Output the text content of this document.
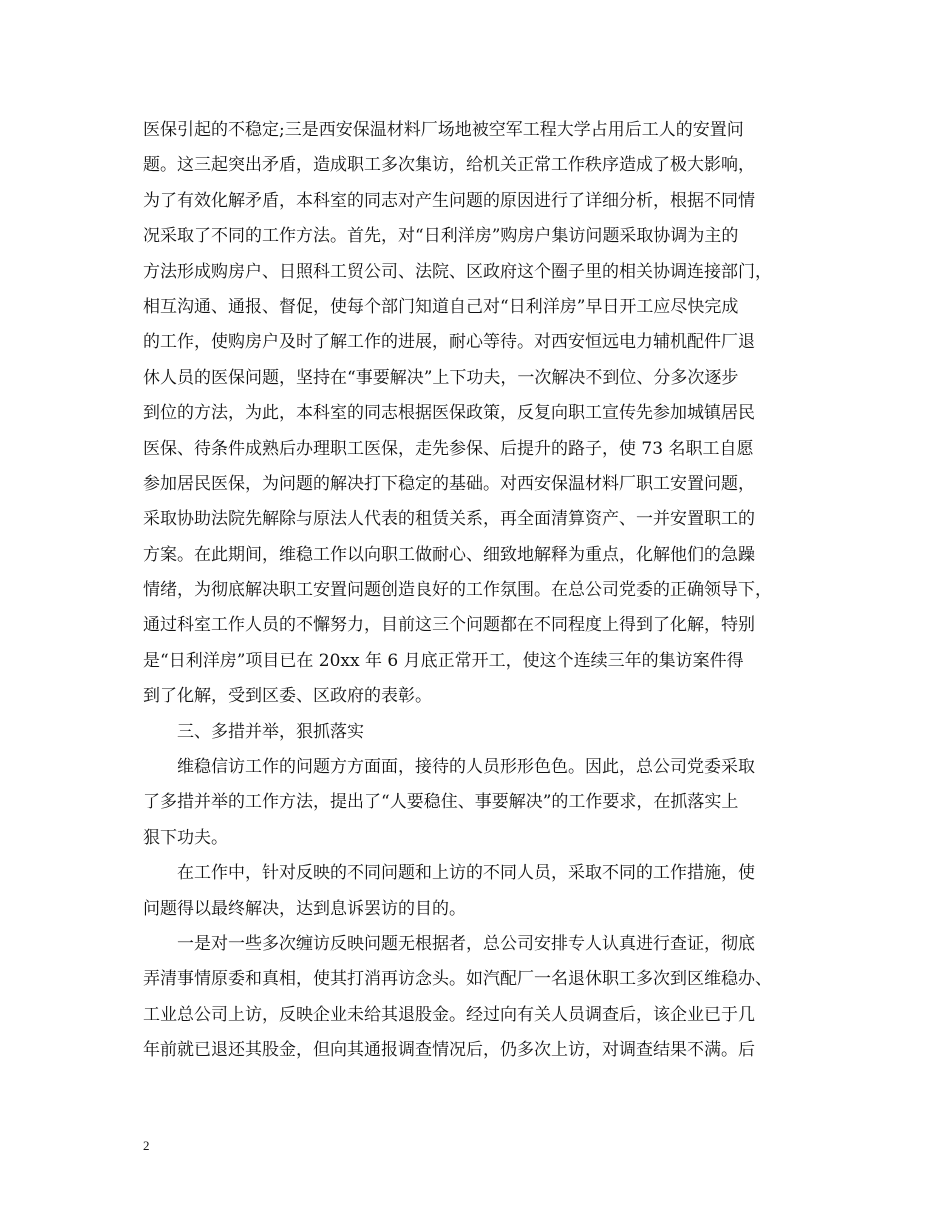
医保引起的不稳定;三是西安保温材料厂场地被空军工程大学占用后工人的安置问
题。这三起突出矛盾，造成职工多次集访，给机关正常工作秩序造成了极大影响，
为了有效化解矛盾，本科室的同志对产生问题的原因进行了详细分析，根据不同情
况采取了不同的工作方法。首先，对“日利洋房”购房户集访问题采取协调为主的
方法形成购房户、日照科工贸公司、法院、区政府这个圈子里的相关协调连接部门，
相互沟通、通报、督促，使每个部门知道自己对“日利洋房”早日开工应尽快完成
的工作，使购房户及时了解工作的进展，耐心等待。对西安恒远电力辅机配件厂退
休人员的医保问题，坚持在“事要解决”上下功夫，一次解决不到位、分多次逐步
到位的方法，为此，本科室的同志根据医保政策，反复向职工宣传先参加城镇居民
医保、待条件成熟后办理职工医保，走先参保、后提升的路子，使 73 名职工自愿
参加居民医保，为问题的解决打下稳定的基础。对西安保温材料厂职工安置问题，
采取协助法院先解除与原法人代表的租赁关系，再全面清算资产、一并安置职工的
方案。在此期间，维稳工作以向职工做耐心、细致地解释为重点，化解他们的急躁
情绪，为彻底解决职工安置问题创造良好的工作氛围。在总公司党委的正确领导下，
通过科室工作人员的不懈努力，目前这三个问题都在不同程度上得到了化解，特别
是“日利洋房”项目已在 20xx 年 6 月底正常开工，使这个连续三年的集访案件得
到了化解，受到区委、区政府的表彰。
三、多措并举，狠抓落实
维稳信访工作的问题方方面面，接待的人员形形色色。因此，总公司党委采取
了多措并举的工作方法，提出了“人要稳住、事要解决”的工作要求，在抓落实上
狠下功夫。
在工作中，针对反映的不同问题和上访的不同人员，采取不同的工作措施，使
问题得以最终解决，达到息诉罢访的目的。
一是对一些多次缠访反映问题无根据者，总公司安排专人认真进行查证，彻底
弄清事情原委和真相，使其打消再访念头。如汽配厂一名退休职工多次到区维稳办、
工业总公司上访，反映企业未给其退股金。经过向有关人员调查后，该企业已于几
年前就已退还其股金，但向其通报调查情况后，仍多次上访，对调查结果不满。后
2
